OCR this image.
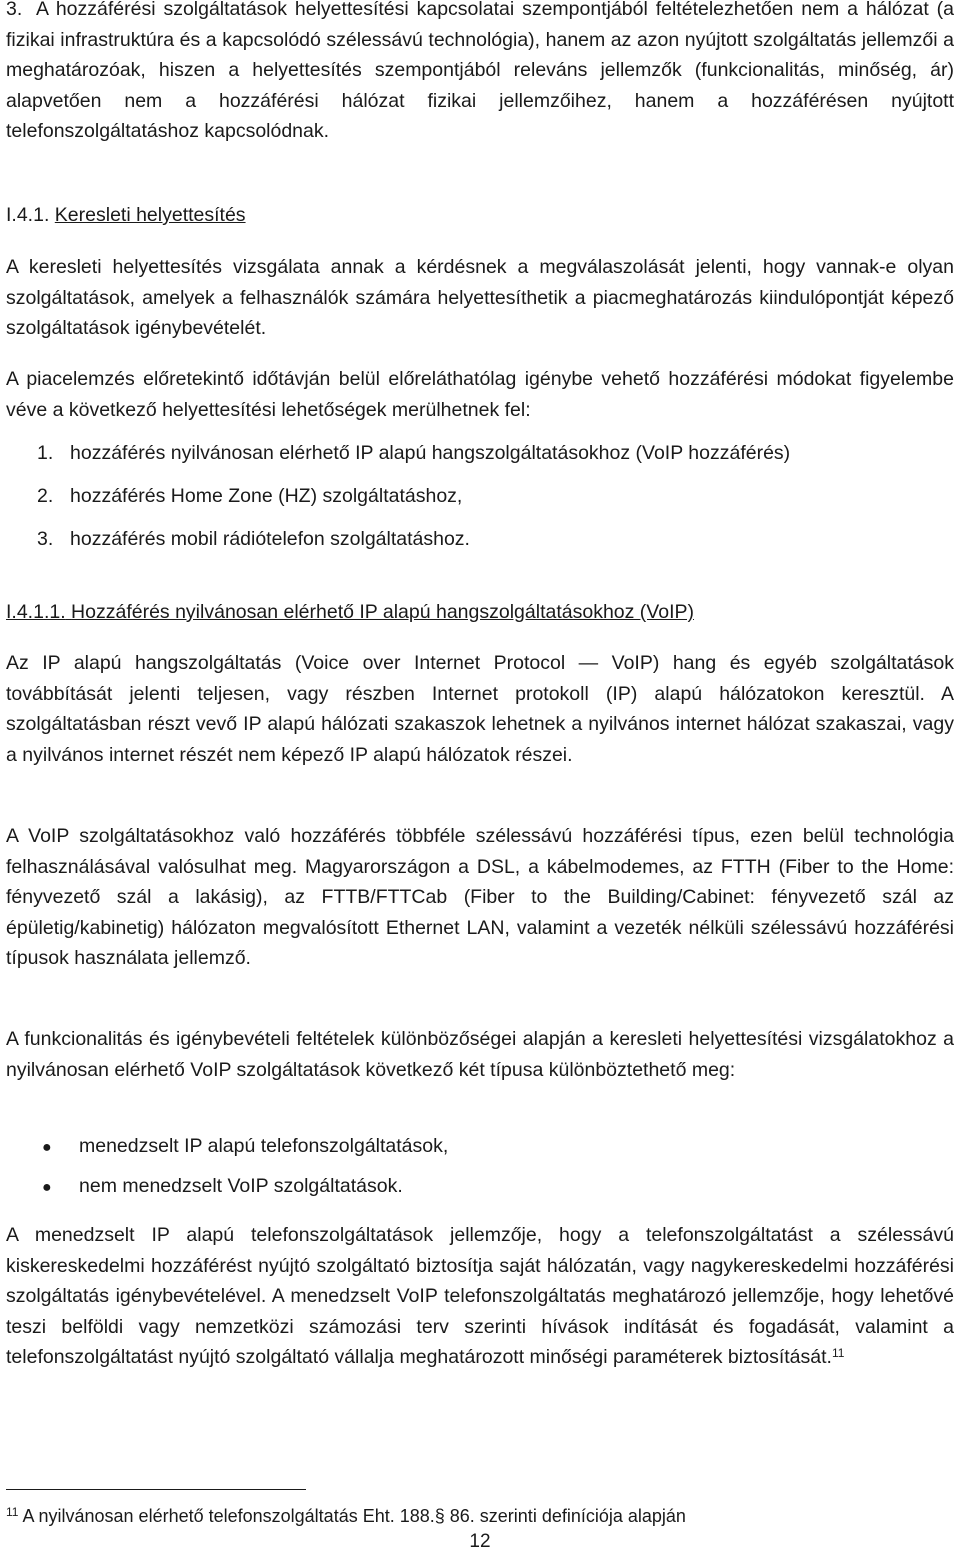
3. A hozzáférési szolgáltatások helyettesítési kapcsolatai szempontjából feltételezhetően nem a hálózat (a fizikai infrastruktúra és a kapcsolódó szélessávú technológia), hanem az azon nyújtott szolgáltatás jellemzői a meghatározóak, hiszen a helyettesítés szempontjából releváns jellemzők (funkcionalitás, minőség, ár) alapvetően nem a hozzáférési hálózat fizikai jellemzőihez, hanem a hozzáférésen nyújtott telefonszolgáltatáshoz kapcsolódnak.

I.4.1. Keresleti helyettesítés

A keresleti helyettesítés vizsgálata annak a kérdésnek a megválaszolását jelenti, hogy vannak-e olyan szolgáltatások, amelyek a felhasználók számára helyettesíthetik a piacmeghatározás kiindulópontját képező szolgáltatások igénybevételét.

A piacelemzés előretekintő időtávján belül előreláthatólag igénybe vehető hozzáférési módokat figyelembe véve a következő helyettesítési lehetőségek merülhetnek fel:

1. hozzáférés nyilvánosan elérhető IP alapú hangszolgáltatásokhoz (VoIP hozzáférés)

2. hozzáférés Home Zone (HZ) szolgáltatáshoz,

3. hozzáférés mobil rádiótelefon szolgáltatáshoz.

I.4.1.1. Hozzáférés nyilvánosan elérhető IP alapú hangszolgáltatásokhoz (VoIP)

Az IP alapú hangszolgáltatás (Voice over Internet Protocol ― VoIP) hang és egyéb szolgáltatások továbbítását jelenti teljesen, vagy részben Internet protokoll (IP) alapú hálózatokon keresztül. A szolgáltatásban részt vevő IP alapú hálózati szakaszok lehetnek a nyilvános internet hálózat szakaszai, vagy a nyilvános internet részét nem képező IP alapú hálózatok részei.

A VoIP szolgáltatásokhoz való hozzáférés többféle szélessávú hozzáférési típus, ezen belül technológia felhasználásával valósulhat meg. Magyarországon a DSL, a kábelmodemes, az FTTH (Fiber to the Home: fényvezető szál a lakásig), az FTTB/FTTCab (Fiber to the Building/Cabinet: fényvezető szál az épületig/kabinetig) hálózaton megvalósított Ethernet LAN, valamint a vezeték nélküli szélessávú hozzáférési típusok használata jellemző.

A funkcionalitás és igénybevételi feltételek különbözőségei alapján a keresleti helyettesítési vizsgálatokhoz a nyilvánosan elérhető VoIP szolgáltatások következő két típusa különböztethető meg:

● menedzselt IP alapú telefonszolgáltatások,

● nem menedzselt VoIP szolgáltatások.

A menedzselt IP alapú telefonszolgáltatások jellemzője, hogy a telefonszolgáltatást a szélessávú kiskereskedelmi hozzáférést nyújtó szolgáltató biztosítja saját hálózatán, vagy nagykereskedelmi hozzáférési szolgáltatás igénybevételével. A menedzselt VoIP telefonszolgáltatás meghatározó jellemzője, hogy lehetővé teszi belföldi vagy nemzetközi számozási terv szerinti hívások indítását és fogadását, valamint a telefonszolgáltatást nyújtó szolgáltató vállalja meghatározott minőségi paraméterek biztosítását.$^{11}$

$^{11}$ A nyilvánosan elérhető telefonszolgáltatás Eht. 188.§ 86. szerinti definíciója alapján

12
